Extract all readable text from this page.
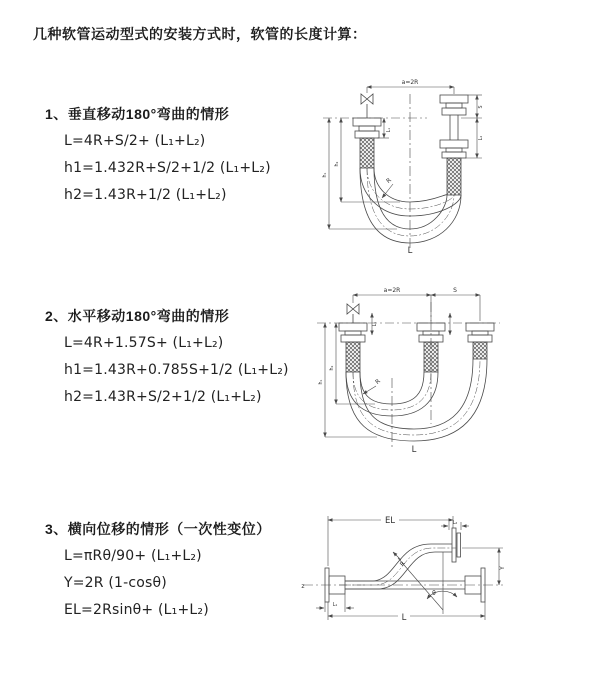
几种软管运动型式的安装方式时，软管的长度计算：
1、垂直移动180°弯曲的情形
L=4R+S/2+ (L₁+L₂)
h1=1.432R+S/2+1/2 (L₁+L₂)
h2=1.43R+1/2 (L₁+L₂)
2、水平移动180°弯曲的情形
L=4R+1.57S+ (L₁+L₂)
h1=1.43R+0.785S+1/2 (L₁+L₂)
h2=1.43R+S/2+1/2 (L₁+L₂)
3、横向位移的情形（一次性变位）
L=πRθ/90+ (L₁+L₂)
Y=2R (1-cosθ)
EL=2Rsinθ+ (L₁+L₂)
a=2R
L₁
S
L₂
h₁
h₂
R
L
a=2R	S
L₁
h₁
h₂
R
L
EL	L₂
Y
R
θ
L
L₁
z
